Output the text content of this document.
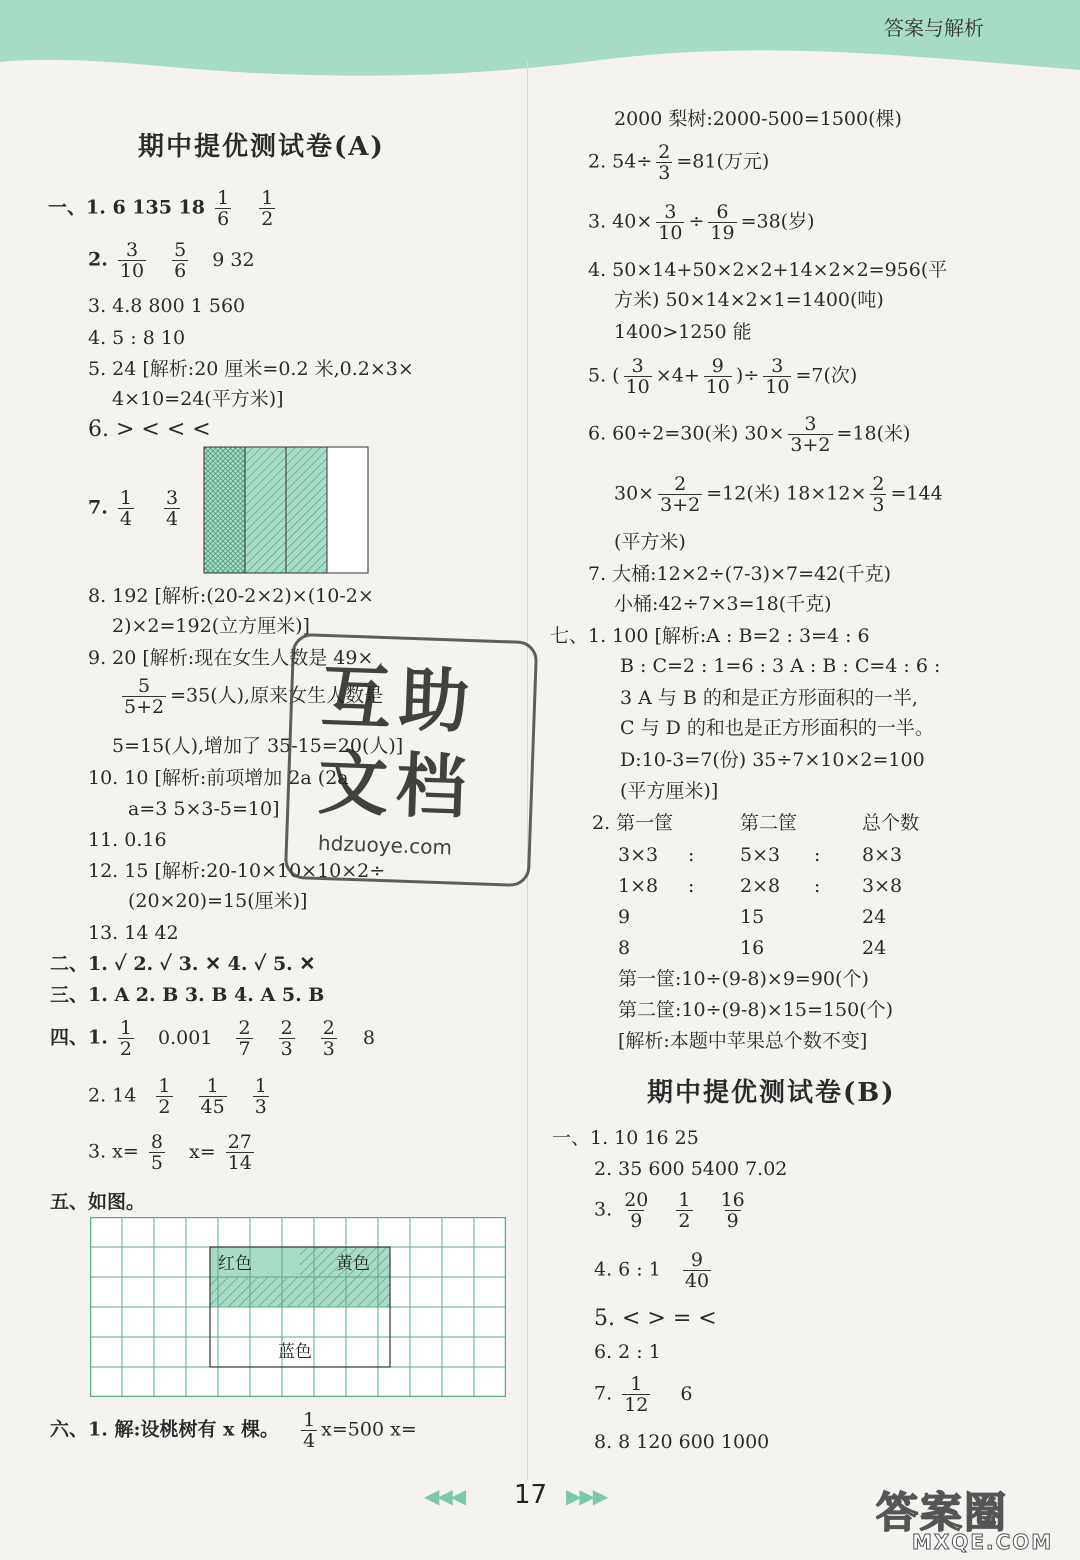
答案与解析
期中提优测试卷(A)
一、1. 6 135 $18 \frac{1}{6}$
$\frac{1}{2}$
2. $\frac{3}{10}$
$\frac{5}{6} 9$ 32
3. 4.8 800 1 560
4. 5 : 8 10
5. 24 [解析:20 厘米=0.2 米,0.2×3×
4×10=24(平方米)]
6. > < < <
7. $\frac{1}{4}$
$\frac{3}{4}$
8. 192 [解析:(20-2×2)×(10-2×
2)×2=192(立方厘米)]
9. 20 [解析:现在女生人数是 49×
$\frac{5}{5+2} =35$(人),原来女生人数是
5=15(人),增加了 35-15=20(人)]
10. 10 [解析:前项增加 2a (2a
a=3 5×3-5=10]
11. 0.16
12. 15 [解析:20-10×10×10×2÷
(20×20)=15(厘米)]
13. 14 42
二、1. ✓ 2. ✓ 3. ✕ 4. ✓ 5. ✕
三、1. A 2. B 3. B 4. A 5. B
四、1. $\frac{1}{2} 0.001 \frac{2}{7}$
$\frac{2}{3}$
$\frac{2}{3} 8$
2. $14 \frac{1}{2}$
$\frac{1}{45}$
$\frac{1}{3}$
3. $x= \frac{8}{5} x= \frac{27}{14}$
五、如图。
红色	黄色
蓝色
六、1. 解:设桃树有 x 棵。 $\frac{1}{4} x=500$ x=
2000 梨树:2000-500=1500(棵)
2. $54\div \frac{2}{3} =81$(万元)
3. $40\times \frac{3}{10} \div \frac{6}{19} =38$(岁)
4. 50×14+50×2×2+14×2×2=956(平
方米) 50×14×2×1=1400(吨)
1400>1250 能
5. ( $\frac{3}{10} \times 4+ \frac{9}{10}$ )÷ $\frac{3}{10} =7$(次)
6. 60÷2=30(米) $30\times \frac{3}{3+2} =18$(米)
$30\times \frac{2}{3+2} =12$(米) $18\times 12\times \frac{2}{3} =144$
(平方米)
7. 大桶:12×2÷(7-3)×7=42(千克)
小桶:42÷7×3=18(千克)
七、1. 100 [解析:A : B=2 : 3=4 : 6
B : C=2 : 1=6 : 3 A : B : C=4 : 6 :
3 A 与 B 的和是正方形面积的一半,
C 与 D 的和也是正方形面积的一半。
D:10-3=7(份) 35÷7×10×2=100
(平方厘米)]
2. 第一筐	第二筐	总个数
3×3 : 5×3 : 8×3
1×8 : 2×8 : 3×8
9	15	24
8	16	24
第一筐:10÷(9-8)×9=90(个)
第二筐:10÷(9-8)×15=150(个)
[解析:本题中苹果总个数不变]
期中提优测试卷(B)
一、1. 10 16 25
2. 35 600 5400 7.02
3. $\frac{20}{9}$
$\frac{1}{2}$
$\frac{16}{9}$
4. 6 : $1 \frac{9}{40}$
5. < > = <
6. 2 : 1
7. $\frac{1}{12} 6$
8. 8 120 600 1000
◀◀◀ 17 ▶▶▶
互助
文档
hdzuoye.com
答案圈
MXQE.COM
